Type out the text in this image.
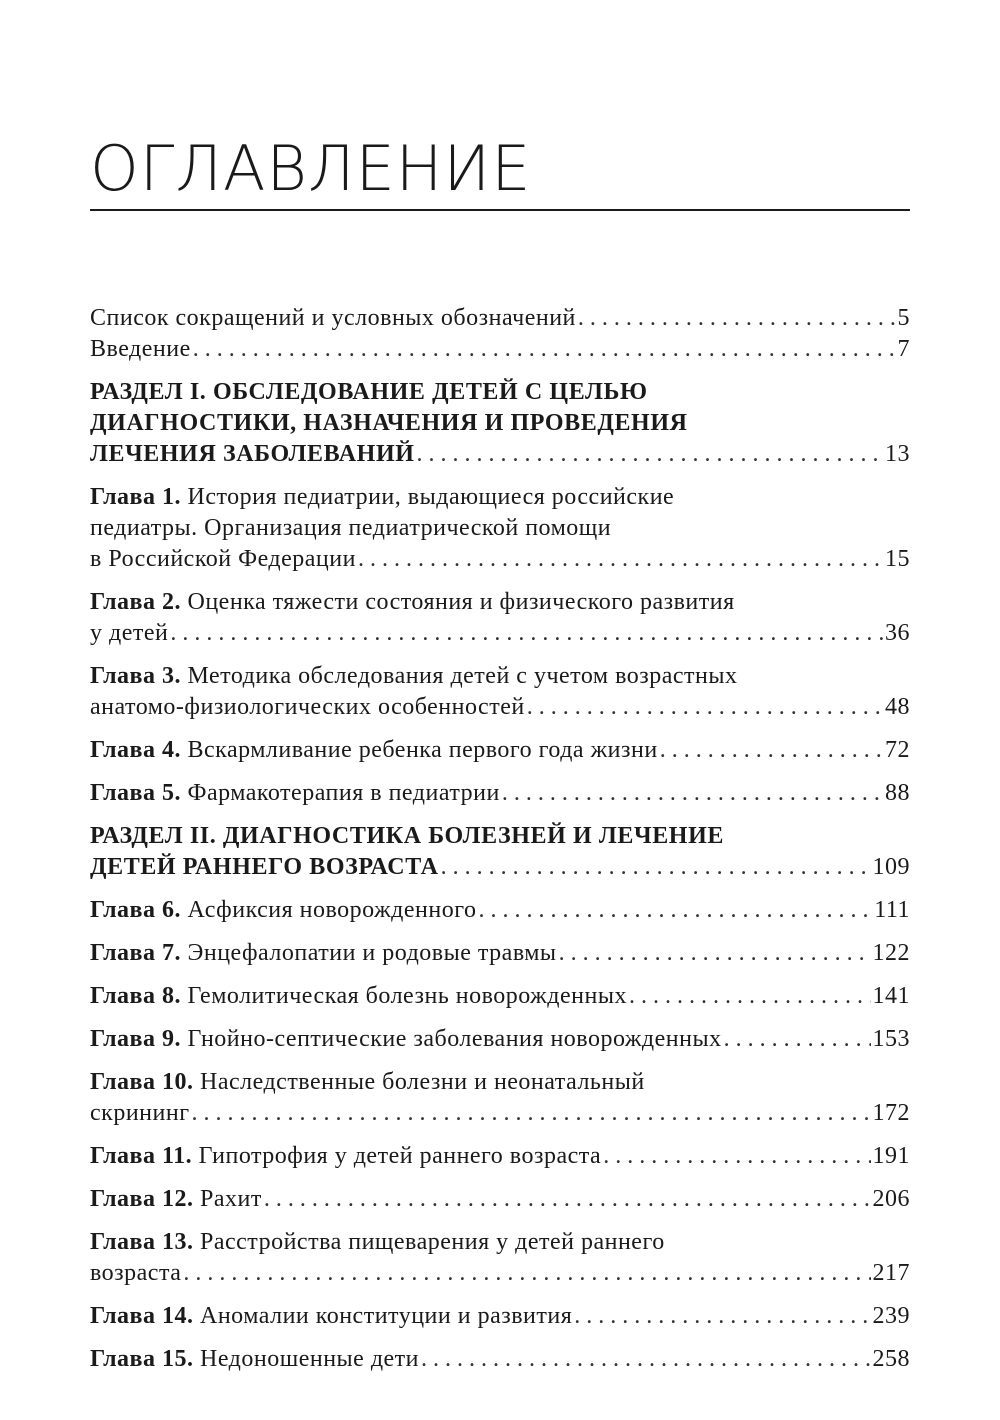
ОГЛАВЛЕНИЕ
Список сокращений и условных обозначений . . .	5
Введение . . .	7
РАЗДЕЛ I. ОБСЛЕДОВАНИЕ ДЕТЕЙ С ЦЕЛЬЮ
ДИАГНОСТИКИ, НАЗНАЧЕНИЯ И ПРОВЕДЕНИЯ
ЛЕЧЕНИЯ ЗАБОЛЕВАНИЙ . . .	13
Глава 1. История педиатрии, выдающиеся российские
педиатры. Организация педиатрической помощи
в Российской Федерации . . .	15
Глава 2. Оценка тяжести состояния и физического развития
у детей . . .	36
Глава 3. Методика обследования детей с учетом возрастных
анатомо-физиологических особенностей . . .	48
Глава 4. Вскармливание ребенка первого года жизни . . .	72
Глава 5. Фармакотерапия в педиатрии . . .	88
РАЗДЕЛ II. ДИАГНОСТИКА БОЛЕЗНЕЙ И ЛЕЧЕНИЕ
ДЕТЕЙ РАННЕГО ВОЗРАСТА . . .	109
Глава 6. Асфиксия новорожденного . . .	111
Глава 7. Энцефалопатии и родовые травмы . . .	122
Глава 8. Гемолитическая болезнь новорожденных . . .	141
Глава 9. Гнойно-септические заболевания новорожденных . . .	153
Глава 10. Наследственные болезни и неонатальный
скрининг . . .	172
Глава 11. Гипотрофия у детей раннего возраста . . .	191
Глава 12. Рахит . . .	206
Глава 13. Расстройства пищеварения у детей раннего
возраста . . .	217
Глава 14. Аномалии конституции и развития . . .	239
Глава 15. Недоношенные дети . . .	258
